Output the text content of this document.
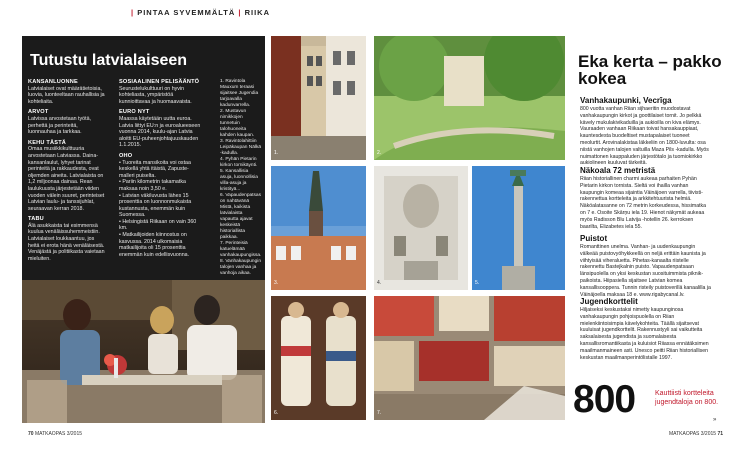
| PINTAA SYVEMMÄLTÄ | RIIKA
Tutustu latvialaiseen
KANSANLUONNE

Latvialaiset ovat määrätietoisia, luovia, luonteeltaan rauhallisia ja kohteliaita.

ARVOT

Latvissa arvostetaan työtä, perhettä ja perinteitä, luonnauhaa ja tarkkaa.

KEHU TÄSTÄ

Omaa musiikkikulttuuria arvostetaan Latviassa. Daina-kansanlaulut, lyhyet tarinat perinteitä ja rakkaudesta, ovat oljemden aineita. Latvialaista on 1,2 miljoonaa dainaa. Rean laulukuusta järjestetään viiden vuoden välein suuret, perinteiset Latvian laulu- ja tanssijuhlat, seuraavan kerran 2018.

TABU

Älä asukkaista tai esimmensä kuulua venäläissuhemmeistiin. Latvialaiset loukkaantuu, jos heitä ei erota hänä venäläisestä. Venäjästä ja politiikasta vaietaan mieluiten.

SOSIAALINEN PELISÄÄNTÖ

Seurustelukulttuuri on hyvin kohteliasta, ympäristöä kunnioittavaa ja huomaavaista.

EURO NYT

Maassa käytetään uutta euroa. Latvia liittyi EU:n ja euroalueeseen vuonna 2014, kuulu-ajan Latvia aloitti EU-puheenjohtajuuskauden 1.1.2015.

OHO

• Tuoreita mansikoita voi ostaa keskellä yhtä itäistä, Zapuste-malleri puiselta.
• Pariin kilometrin takamatka maksaa noin 3,50 e.
• Latvian väkiluvusta lähes 15 prosenttia on luonnonmukaista kustannusta, enemmän kuin Suomessa.
• Helsingistä Riikaan on vain 360 km.
• Matkailijoiden kiinnostus on kasvussa. 2014 ulkomaisia matkailijoita oli 15 prosenttia enemmän kuin edellisvuonna.

1. Ravintola Mauxum teraasi sijaitsee Jugendia tarjoavalla kadunvarrella.
2. Mustavun nimikkojen tunnetuin talohuoneita kahden kaupan.
3. Ravintolahittiin Leipäkaupan Nälkä -kadulla.
4. Pyhän Pietarin kirkon tornikäynti.
5. Kansallisia asuja, luonnollisia villa-asuja ja kristityä...
6. Vapaudenpatsas on nahtävänä Mistä, kaikista latvialaista vapautta ajavat keskeistä historiallista paikkaa.
7. Perinteisiä katuelämää vanhakaupungissa.
8. Vanhakaupungin talojen vanhaa ja vanhoja aikaa.
1.	2.
3.	4.	5.
6.	7.
Eka kerta – pakko kokea
Vanhakaupunki, Vecrīga
800 vuotta vanhan Riian sijhaeritin muodostavat vanhakaupungin kirkot ja goottilaiset tornit. Jo pelkkä kävely mukulakivikaduilla ja aukioilla on kiva elämys. Vauraaden vanhaan Riikaan toivat hansakauppiaat, kauntesdesta buodeltiset mustapalaiset tuoneet meolurtit. Arovinalakistaa läkkeliin on 1800-luvulta: osa niistä vanhojen talojen valtuilla Maza Pils -kadulla. Myös nuimattonen kauppaluden järjestötalo ja tuomiokirkko aukiolineen kuuluvat tärkeitä.
Näkoala 72 metristä
Riian historiallinen charmi aukeaa parhaiten Pyhän Pietarin kirkon tornista. Sieltä voi ihailla vanhan kaupungin komeaa sijaintia Väinäjoen varrella, tiivisti-rakennettua kortteleita ja arkkitehtuurista helmiä. Näköalatasanne on 72 metrin korkeudessa, hissimatka on 7 e. Osoite Skārņu iela 19. Hienot näkymät aukeaa myös Radisson Blu Latvija -hotellin 26. kerroksen baarilta, Elizabetes iela 55.
Puistot
Romanttinen unelma. Vanhan- ja uudenkaupungin välkeää puistovyöhykkeellä on neljä erittäin kaunista ja viihtyisää viheraluetta. Pihetas-kanaalta riistelle rakennettu Bastejkalnin puisto. Vapaudenpatsaan länsipuolella on yksi keskustan suosituimmista piknik-paikoista. Hiipasiella sijaitsee Latvian komea kansallisooppera. Tunnin risteily puistoverillä kanaalilla ja Väinäjoella maksaa 18 e. www.rigabycanal.lv.
Jugendkorttelit
Hiljaiseksi keskustaksi nimetty kaupunginosa vanhakaupungin pohjoispuolella on Riian mielenkiintoisimpia kävelykohteita. Täällä sijaitsevat kuuluisat jugendkorttelit. Rakennustyyli sai vaikutteita saksalaisesta jugendista ja suomalaisesta kansallisromantiikasta ja kuluisiot Riiassa ennätäksimen maailmanmaineen asti. Unesco peitti Riian historiallisen keskustan maailmanperintölistalle 1997.
800	Kauttiisti kortteleita jugendtaloja on 800.
70 MATKAOPAS 3/2015	MATKAOPAS 3/2015 71
»
